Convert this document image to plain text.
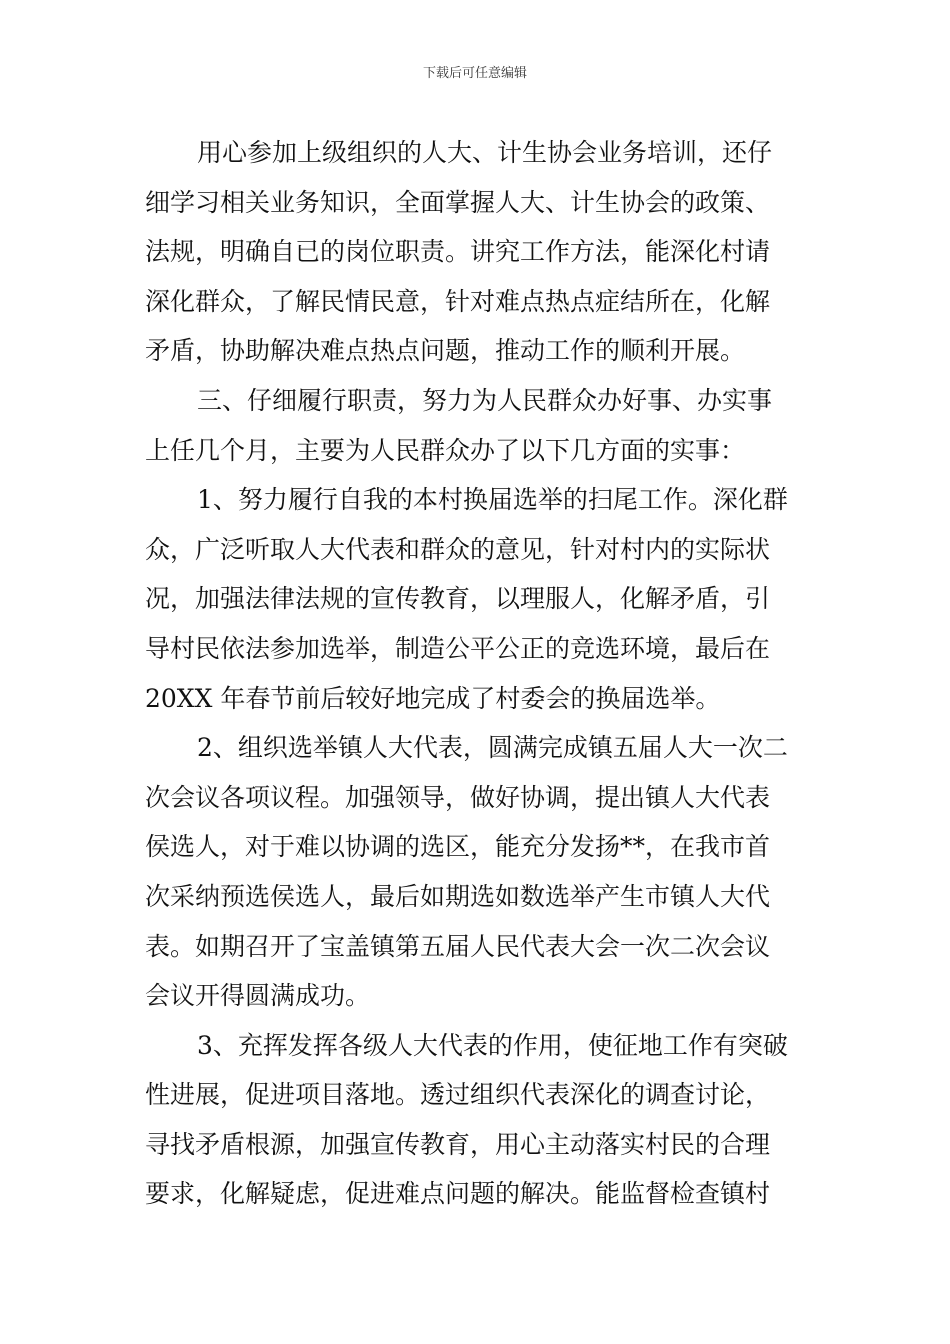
下载后可任意编辑
用心参加上级组织的人大、计生协会业务培训，还仔
细学习相关业务知识，全面掌握人大、计生协会的政策、
法规，明确自已的岗位职责。讲究工作方法，能深化村请
深化群众，了解民情民意，针对难点热点症结所在，化解
矛盾，协助解决难点热点问题，推动工作的顺利开展。
三、仔细履行职责，努力为人民群众办好事、办实事
上任几个月，主要为人民群众办了以下几方面的实事：
1、努力履行自我的本村换届选举的扫尾工作。深化群
众，广泛听取人大代表和群众的意见，针对村内的实际状
况，加强法律法规的宣传教育，以理服人，化解矛盾，引
导村民依法参加选举，制造公平公正的竞选环境，最后在
20XX 年春节前后较好地完成了村委会的换届选举。
2、组织选举镇人大代表，圆满完成镇五届人大一次二
次会议各项议程。加强领导，做好协调，提出镇人大代表
侯选人，对于难以协调的选区，能充分发扬**，在我市首
次采纳预选侯选人，最后如期选如数选举产生市镇人大代
表。如期召开了宝盖镇第五届人民代表大会一次二次会议
会议开得圆满成功。
3、充挥发挥各级人大代表的作用，使征地工作有突破
性进展，促进项目落地。透过组织代表深化的调查讨论，
寻找矛盾根源，加强宣传教育，用心主动落实村民的合理
要求，化解疑虑，促进难点问题的解决。能监督检查镇村
